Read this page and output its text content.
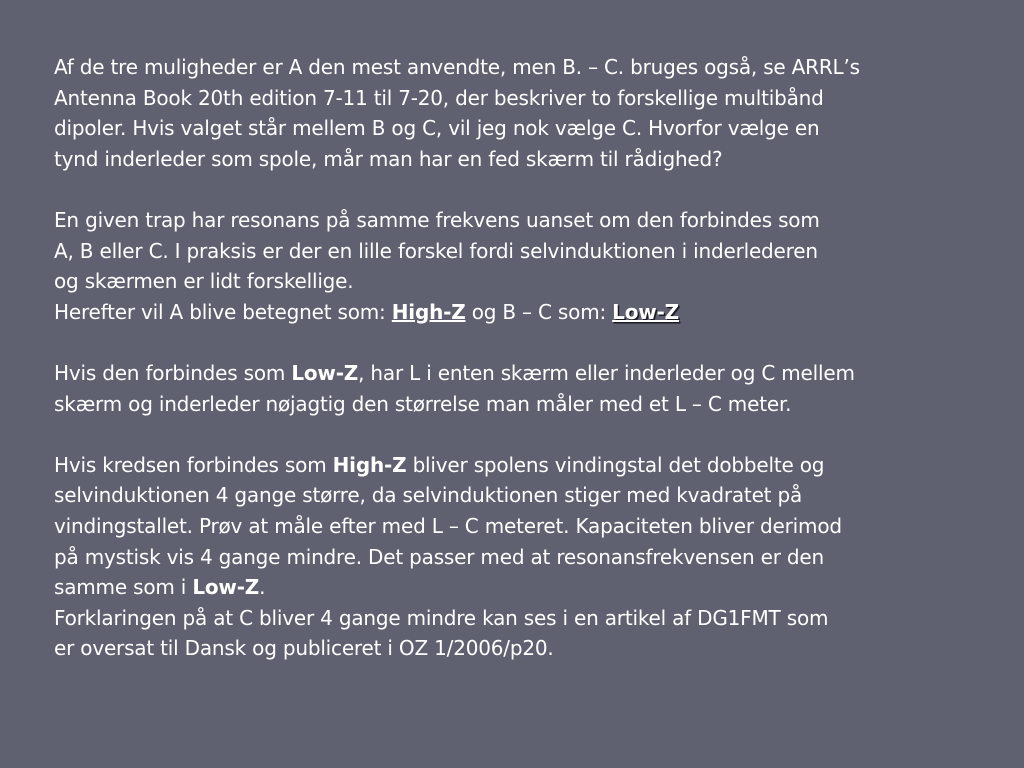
Af de tre muligheder er A den mest anvendte, men B. – C. bruges også, se ARRL’s
Antenna Book 20th edition 7-11 til 7-20, der beskriver to forskellige multibånd
dipoler. Hvis valget står mellem B og C, vil jeg nok vælge C. Hvorfor vælge en
tynd inderleder som spole, mår man har en fed skærm til rådighed?
En given trap har resonans på samme frekvens uanset om den forbindes som
A, B eller C. I praksis er der en lille forskel fordi selvinduktionen i inderlederen
og skærmen er lidt forskellige.
Herefter vil A blive betegnet som: High-Z og B – C som: Low-Z
Hvis den forbindes som Low-Z, har L i enten skærm eller inderleder og C mellem
skærm og inderleder nøjagtig den størrelse man måler med et L – C meter.
Hvis kredsen forbindes som High-Z bliver spolens vindingstal det dobbelte og
selvinduktionen 4 gange større, da selvinduktionen stiger med kvadratet på
vindingstallet. Prøv at måle efter med L – C meteret. Kapaciteten bliver derimod
på mystisk vis 4 gange mindre. Det passer med at resonansfrekvensen er den
samme som i Low-Z.
Forklaringen på at C bliver 4 gange mindre kan ses i en artikel af DG1FMT som
er oversat til Dansk og publiceret i OZ 1/2006/p20.
